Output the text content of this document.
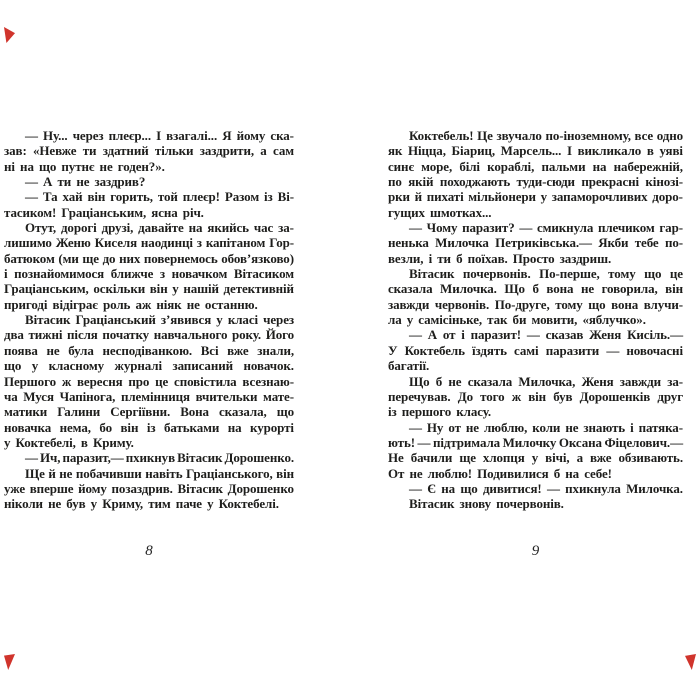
— Ну... через плеєр... І взагалі... Я йому ска-
зав: «Невже ти здатний тільки заздрити, а сам
ні на що путнє не годен?».
— А ти не заздрив?
— Та хай він горить, той плеєр! Разом із Ві-
тасиком! Граціанським, ясна річ.
Отут, дорогі друзі, давайте на якийсь час за-
лишимо Женю Киселя наодинці з капітаном Гор-
батюком (ми ще до них повернемось обов’язково)
і познайомимося ближче з новачком Вітасиком
Граціанським, оскільки він у нашій детективній
пригоді відіграє роль аж ніяк не останню.
Вітасик Граціанський з’явився у класі через
два тижні після початку навчального року. Його
поява не була несподіванкою. Всі вже знали,
що у класному журналі записаний новачок.
Першого ж вересня про це сповістила всезнаю-
ча Муся Чапінога, племінниця вчительки мате-
матики Галини Сергіївни. Вона сказала, що
новачка нема, бо він із батьками на курорті
у Коктебелі, в Криму.
— Ич, паразит,— пхикнув Вітасик Дорошенко.
Ще й не побачивши навіть Граціанського, він
уже вперше йому позаздрив. Вітасик Дорошенко
ніколи не був у Криму, тим паче у Коктебелі.
Коктебель! Це звучало по-іноземному, все одно
як Ніцца, Біариц, Марсель... І викликало в уяві
синє море, білі кораблі, пальми на набережній,
по якій походжають туди-сюди прекрасні кінозі-
рки й пихаті мільйонери у запаморочливих доро-
гущих шмотках...
— Чому паразит? — смикнула плечиком гар-
ненька Милочка Петриківська.— Якби тебе по-
везли, і ти б поїхав. Просто заздриш.
Вітасик почервонів. По-перше, тому що це
сказала Милочка. Що б вона не говорила, він
завжди червонів. По-друге, тому що вона влучи-
ла у самісіньке, так би мовити, «яблучко».
— А от і паразит! — сказав Женя Кисіль.—
У Коктебель їздять самі паразити — новочасні
багатії.
Що б не сказала Милочка, Женя завжди за-
перечував. До того ж він був Дорошенків друг
із першого класу.
— Ну от не люблю, коли не знають і патяка-
ють! — підтримала Милочку Оксана Фіцелович.—
Не бачили ще хлопця у вічі, а вже обзивають.
От не люблю! Подивилися б на себе!
— Є на що дивитися! — пхикнула Милочка.
Вітасик знову почервонів.
8	9
